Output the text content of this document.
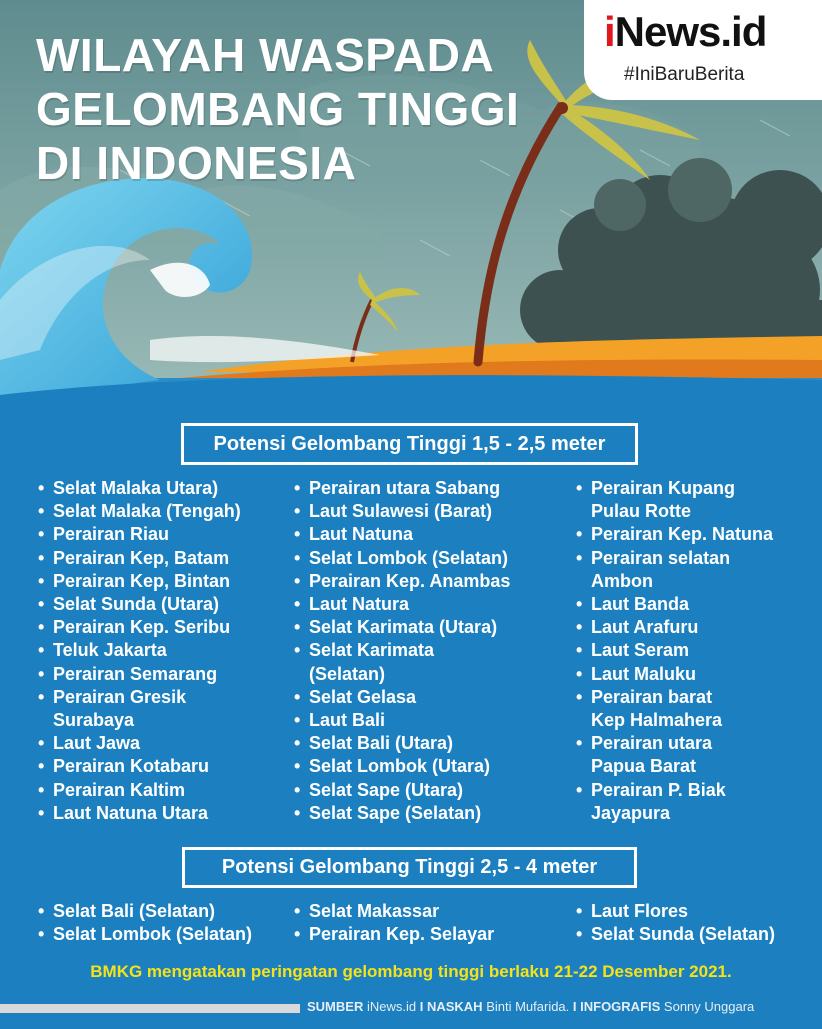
WILAYAH WASPADA
GELOMBANG TINGGI
DI INDONESIA
iNews.id
#IniBaruBerita
Potensi Gelombang Tinggi 1,5 - 2,5 meter
• Selat Malaka Utara)
• Selat Malaka (Tengah)
• Perairan Riau
• Perairan Kep, Batam
• Perairan Kep, Bintan
• Selat Sunda (Utara)
• Perairan Kep. Seribu
• Teluk Jakarta
• Perairan Semarang
• Perairan Gresik
Surabaya
• Laut Jawa
• Perairan Kotabaru
• Perairan Kaltim
• Laut Natuna Utara
• Perairan utara Sabang
• Laut Sulawesi (Barat)
• Laut Natuna
• Selat Lombok (Selatan)
• Perairan Kep. Anambas
• Laut Natura
• Selat Karimata (Utara)
• Selat Karimata
(Selatan)
• Selat Gelasa
• Laut Bali
• Selat Bali (Utara)
• Selat Lombok (Utara)
• Selat Sape (Utara)
• Selat Sape (Selatan)
• Perairan Kupang
Pulau Rotte
• Perairan Kep. Natuna
• Perairan selatan
Ambon
• Laut Banda
• Laut Arafuru
• Laut Seram
• Laut Maluku
• Perairan barat
Kep Halmahera
• Perairan utara
Papua Barat
• Perairan P. Biak
Jayapura
Potensi Gelombang Tinggi 2,5 - 4 meter
• Selat Bali (Selatan)
• Selat Lombok (Selatan)
• Selat Makassar
• Perairan Kep. Selayar
• Laut Flores
• Selat Sunda (Selatan)
BMKG mengatakan peringatan gelombang tinggi berlaku 21-22 Desember 2021.
SUMBER iNews.id I NASKAH Binti Mufarida. I INFOGRAFIS Sonny Unggara
